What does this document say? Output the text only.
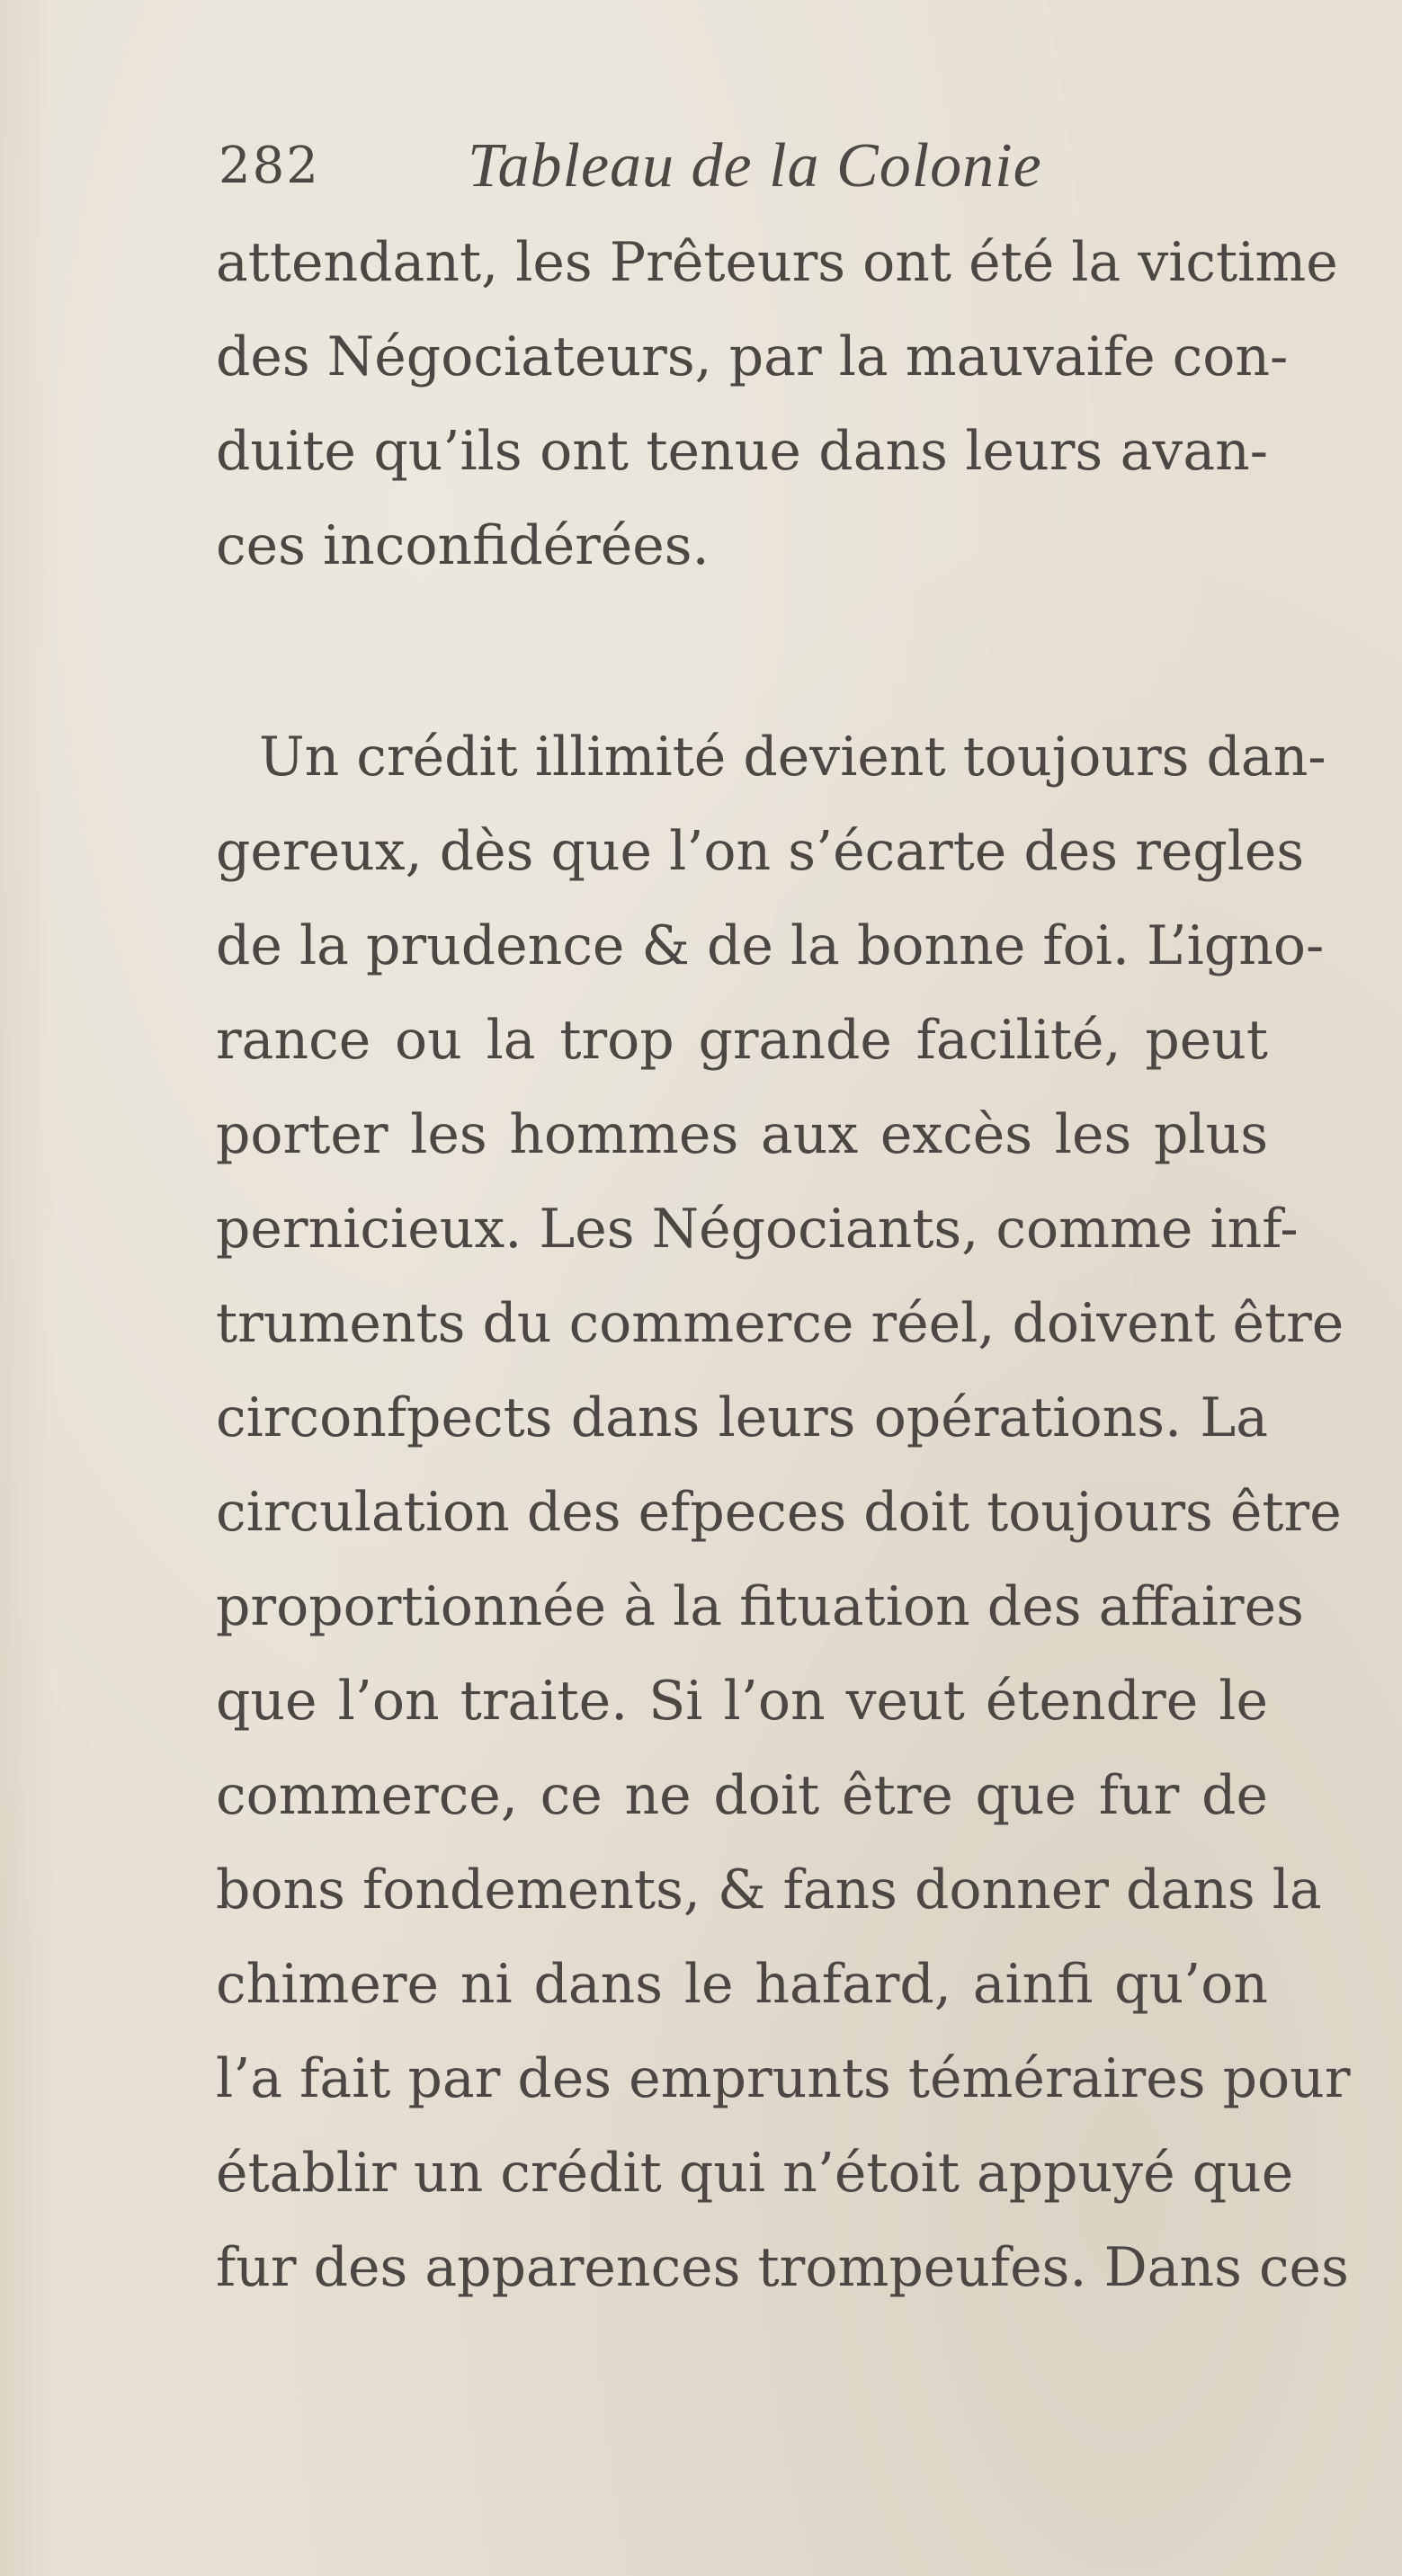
282 Tableau de la Colonie
attendant, les Prêteurs ont été la victime
des Négociateurs, par la mauvaife con-
duite qu’ils ont tenue dans leurs avan-
ces inconfidérées.
Un crédit illimité devient toujours dan-
gereux, dès que l’on s’écarte des regles
de la prudence & de la bonne foi. L’igno-
rance ou la trop grande facilité, peut
porter les hommes aux excès les plus
pernicieux. Les Négociants, comme inf-
truments du commerce réel, doivent être
circonfpects dans leurs opérations. La
circulation des efpeces doit toujours être
proportionnée à la fituation des affaires
que l’on traite. Si l’on veut étendre le
commerce, ce ne doit être que fur de
bons fondements, & fans donner dans la
chimere ni dans le hafard, ainfi qu’on
l’a fait par des emprunts téméraires pour
établir un crédit qui n’étoit appuyé que
fur des apparences trompeufes. Dans ces
